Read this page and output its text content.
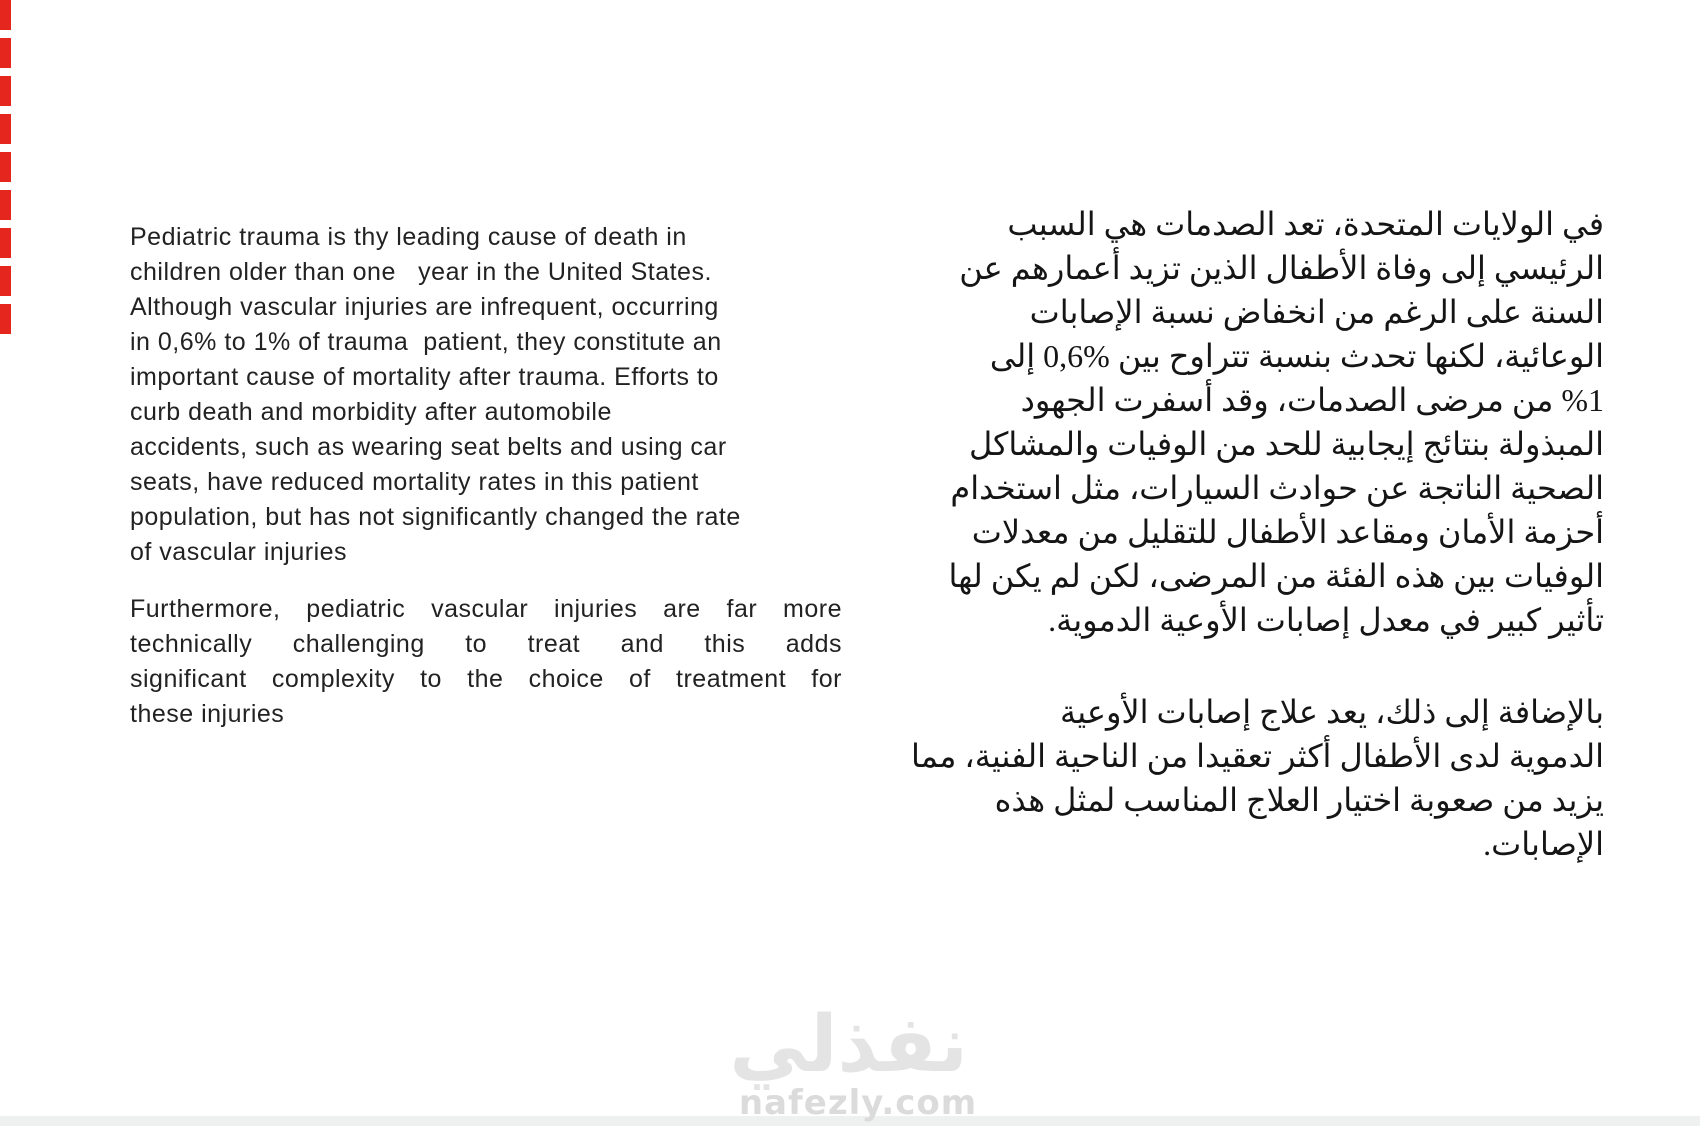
Pediatric trauma is thy leading cause of death in
children older than one   year in the United States.
Although vascular injuries are infrequent, occurring
in 0,6% to 1% of trauma  patient, they constitute an
important cause of mortality after trauma. Efforts to
curb death and morbidity after automobile
accidents, such as wearing seat belts and using car
seats, have reduced mortality rates in this patient
population, but has not significantly changed the rate
of vascular injuries
Furthermore, pediatric vascular injuries are far more
technically challenging to treat and this adds
significant complexity to the choice of treatment for
these injuries
في الولايات المتحدة، تعد الصدمات هي السبب
الرئيسي إلى وفاة الأطفال الذين تزيد أعمارهم عن
السنة على الرغم من انخفاض نسبة الإصابات
الوعائية، لكنها تحدث بنسبة تتراوح بين %0,6 إلى
%1 من مرضى الصدمات، وقد أسفرت الجهود
المبذولة بنتائج إيجابية للحد من الوفيات والمشاكل
الصحية الناتجة عن حوادث السيارات، مثل استخدام
أحزمة الأمان ومقاعد الأطفال للتقليل من معدلات
الوفيات بين هذه الفئة من المرضى، لكن لم يكن لها
تأثير كبير في معدل إصابات الأوعية الدموية.
بالإضافة إلى ذلك، يعد علاج إصابات الأوعية
الدموية لدى الأطفال أكثر تعقيدا من الناحية الفنية، مما
يزيد من صعوبة اختيار العلاج المناسب لمثل هذه
الإصابات.
نفذلي
nafezly.com
